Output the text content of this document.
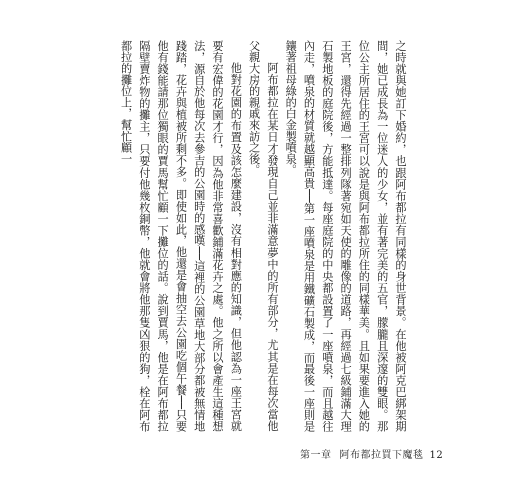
之時就與她訂下婚約，也跟阿布都拉有同樣的身世背景。在他被阿克巴綁架期間，她已成長為一位迷人的少女，並有著完美的五官，朦朧且深邃的雙眼。那位公主所居住的王宮可以說是與阿布都拉所住的同樣華美。且如果要進入她的王宮，還得先經過一整排列隊著宛如天使的雕像的道路，再經過七級鋪滿大理石製地板的庭院後，方能抵達。每座庭院的中央都設置了一座噴泉，而且越往內走，噴泉的材質就越顯高貴──第一座噴泉是用鐵礦石製成，而最後一座則是鑲著祖母綠的白金製噴泉。

阿布都拉在某日才發現自己並非滿意夢中的所有部分，尤其是在每次當他父親大房的親戚來訪之後。

他對花園的布置及該怎麼建設，沒有相對應的知識，但他認為一座王宮就要有宏偉的花園才行，因為他非常喜歡鋪滿花卉之處。他之所以會產生這種想法，源自於他每次去參吉的公園時的感嘆──這裡的公園草地大部分都被無情地踐踏，花卉與植被所剩不多。即使如此，他還是會抽空去公園吃個午餐──只要他有錢能請那位獨眼的賈馬幫忙顧一下攤位的話。說到賈馬，他是在阿布都拉隔壁賣炸物的攤主，只要付他幾枚銅幣，他就會將他那隻凶狠的狗，栓在阿布都拉的攤位上，幫忙顧一

第一章 阿布都拉買下魔毯 12
